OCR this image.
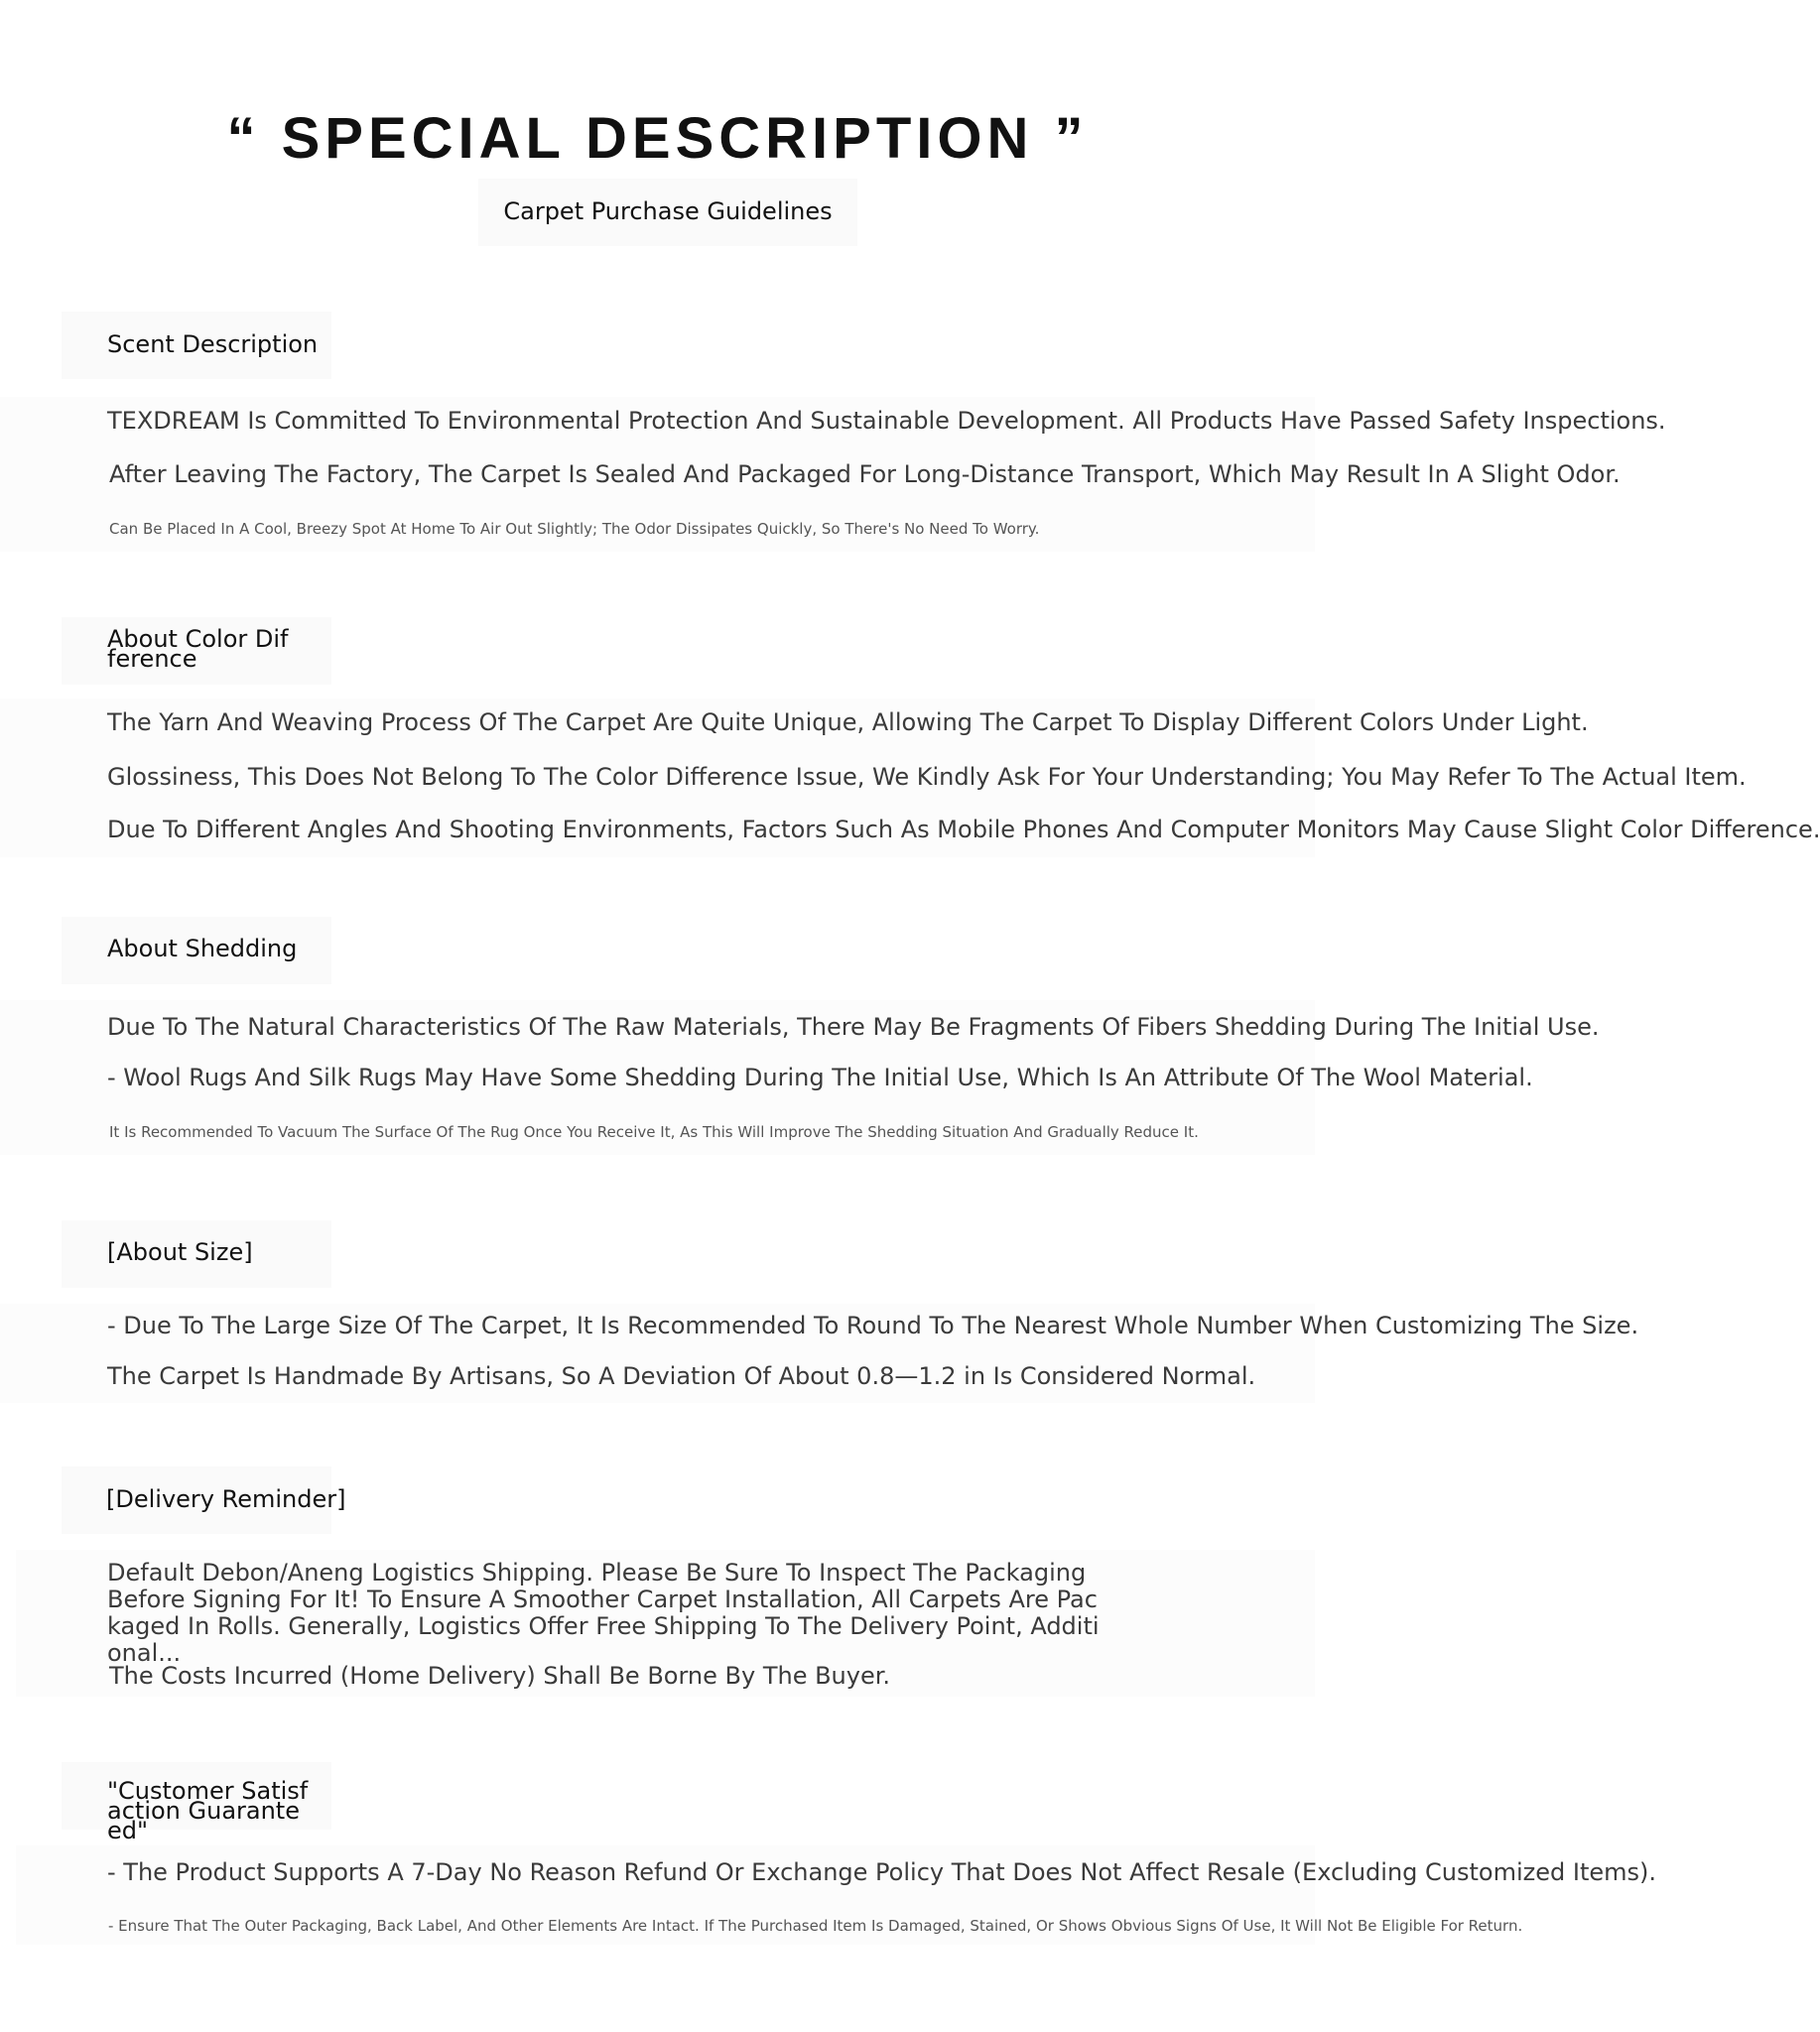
“ SPECIAL DESCRIPTION ”
Carpet Purchase Guidelines
Scent Description
TEXDREAM Is Committed To Environmental Protection And Sustainable Development. All Products Have Passed Safety Inspections.
After Leaving The Factory, The Carpet Is Sealed And Packaged For Long-Distance Transport, Which May Result In A Slight Odor.
Can Be Placed In A Cool, Breezy Spot At Home To Air Out Slightly; The Odor Dissipates Quickly, So There's No Need To Worry.
About Color Difference
The Yarn And Weaving Process Of The Carpet Are Quite Unique, Allowing The Carpet To Display Different Colors Under Light.
Glossiness, This Does Not Belong To The Color Difference Issue, We Kindly Ask For Your Understanding; You May Refer To The Actual Item.
Due To Different Angles And Shooting Environments, Factors Such As Mobile Phones And Computer Monitors May Cause Slight Color Difference.
About Shedding
Due To The Natural Characteristics Of The Raw Materials, There May Be Fragments Of Fibers Shedding During The Initial Use.
- Wool Rugs And Silk Rugs May Have Some Shedding During The Initial Use, Which Is An Attribute Of The Wool Material.
It Is Recommended To Vacuum The Surface Of The Rug Once You Receive It, As This Will Improve The Shedding Situation And Gradually Reduce It.
[About Size]
- Due To The Large Size Of The Carpet, It Is Recommended To Round To The Nearest Whole Number When Customizing The Size.
The Carpet Is Handmade By Artisans, So A Deviation Of About 0.8—1.2 in Is Considered Normal.
[Delivery Reminder]
Default Debon/Aneng Logistics Shipping. Please Be Sure To Inspect The Packaging Before Signing For It! To Ensure A Smoother Carpet Installation, All Carpets Are Packaged In Rolls. Generally, Logistics Offer Free Shipping To The Delivery Point, Additional...
The Costs Incurred (Home Delivery) Shall Be Borne By The Buyer.
"Customer Satisfaction Guaranteed"
- The Product Supports A 7-Day No Reason Refund Or Exchange Policy That Does Not Affect Resale (Excluding Customized Items).
- Ensure That The Outer Packaging, Back Label, And Other Elements Are Intact. If The Purchased Item Is Damaged, Stained, Or Shows Obvious Signs Of Use, It Will Not Be Eligible For Return.
